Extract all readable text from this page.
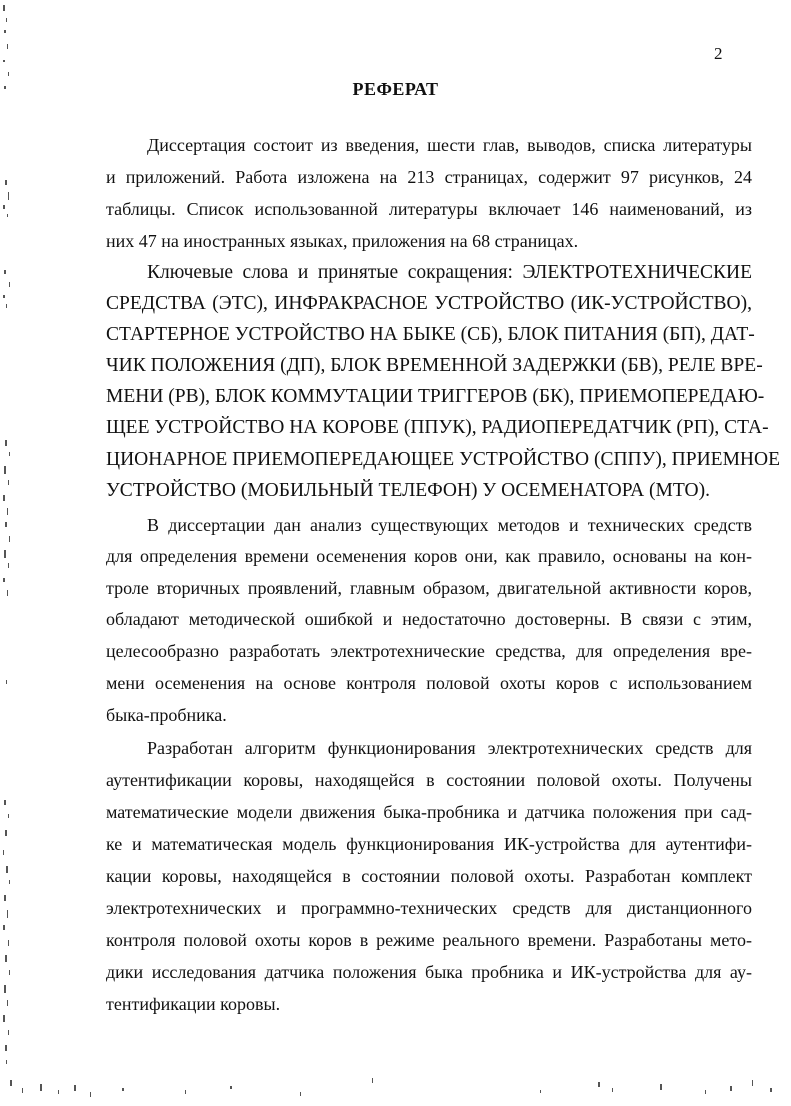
2
РЕФЕРАТ
Диссертация состоит из введения, шести глав, выводов, списка литературы
и приложений. Работа изложена на 213 страницах, содержит 97 рисунков, 24
таблицы. Список использованной литературы включает 146 наименований, из
них 47 на иностранных языках, приложения на 68 страницах.
Ключевые слова и принятые сокращения: ЭЛЕКТРОТЕХНИЧЕСКИЕ
СРЕДСТВА (ЭТС), ИНФРАКРАСНОЕ УСТРОЙСТВО (ИК-УСТРОЙСТВО),
СТАРТЕРНОЕ УСТРОЙСТВО НА БЫКЕ (СБ), БЛОК ПИТАНИЯ (БП), ДАТ-
ЧИК ПОЛОЖЕНИЯ (ДП), БЛОК ВРЕМЕННОЙ ЗАДЕРЖКИ (БВ), РЕЛЕ ВРЕ-
МЕНИ (РВ), БЛОК КОММУТАЦИИ ТРИГГЕРОВ (БК), ПРИЕМОПЕРЕДАЮ-
ЩЕЕ УСТРОЙСТВО НА КОРОВЕ (ППУК), РАДИОПЕРЕДАТЧИК (РП), СТА-
ЦИОНАРНОЕ ПРИЕМОПЕРЕДАЮЩЕЕ УСТРОЙСТВО (СППУ), ПРИЕМНОЕ
УСТРОЙСТВО (МОБИЛЬНЫЙ ТЕЛЕФОН) У ОСЕМЕНАТОРА (МТО).
В диссертации дан анализ существующих методов и технических средств
для определения времени осеменения коров они, как правило, основаны на кон-
троле вторичных проявлений, главным образом, двигательной активности коров,
обладают методической ошибкой и недостаточно достоверны. В связи с этим,
целесообразно разработать электротехнические средства, для определения вре-
мени осеменения на основе контроля половой охоты коров с использованием
быка-пробника.
Разработан алгоритм функционирования электротехнических средств для
аутентификации коровы, находящейся в состоянии половой охоты. Получены
математические модели движения быка-пробника и датчика положения при сад-
ке и математическая модель функционирования ИК-устройства для аутентифи-
кации коровы, находящейся в состоянии половой охоты. Разработан комплект
электротехнических и программно-технических средств для дистанционного
контроля половой охоты коров в режиме реального времени. Разработаны мето-
дики исследования датчика положения быка пробника и ИК-устройства для ау-
тентификации коровы.
